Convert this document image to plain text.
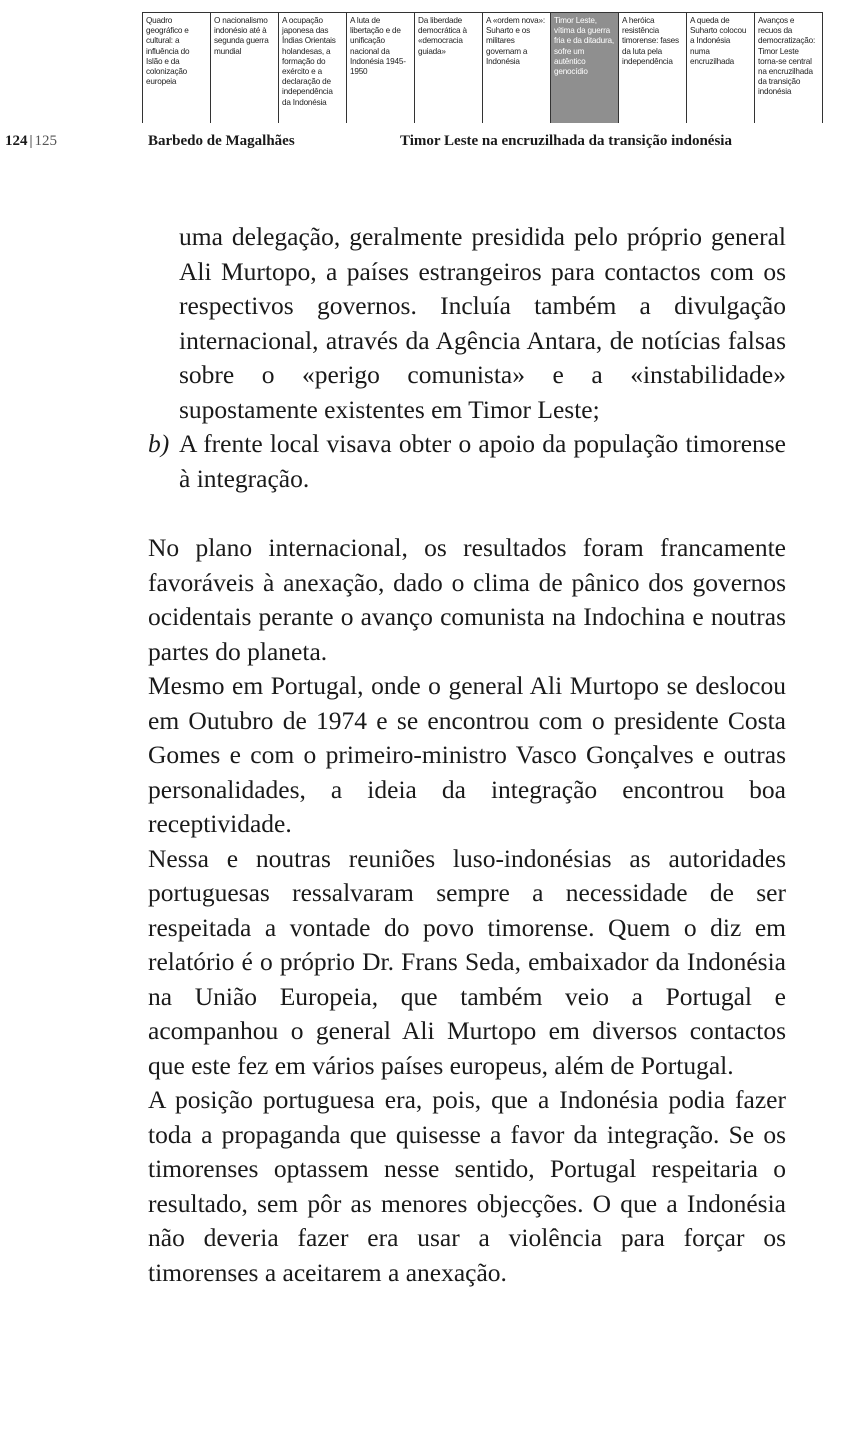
Quadro geográfico e cultural: a influência do Islão e da colonização europeia
O nacionalismo indonésio até à segunda guerra mundial
A ocupação japonesa das Índias Orientais holandesas, a formação do exército e a declaração de independência da Indonésia
A luta de libertação e de unificação nacional da Indonésia 1945-1950
Da liberdade democrática à «democracia guiada»
A «ordem nova»: Suharto e os militares governam a Indonésia
Timor Leste, vítima da guerra fria e da ditadura, sofre um autêntico genocídio
A heróica resistência timorense: fases da luta pela independência
A queda de Suharto colocou a Indonésia numa encruzilhada
Avanços e recuos da democratização: Timor Leste torna-se central na encruzilhada da transição indonésia
124 | 125	Barbedo de Magalhães	Timor Leste na encruzilhada da transição indonésia

uma delegação, geralmente presidida pelo próprio general Ali Murtopo, a países estrangeiros para contactos com os respectivos governos. Incluía também a divulgação internacional, através da Agência Antara, de notícias falsas sobre o «perigo comunista» e a «instabilidade» supostamente existentes em Timor Leste;

b) A frente local visava obter o apoio da população timorense à integração.

No plano internacional, os resultados foram francamente favoráveis à anexação, dado o clima de pânico dos governos ocidentais perante o avanço comunista na Indochina e noutras partes do planeta.

Mesmo em Portugal, onde o general Ali Murtopo se deslocou em Outubro de 1974 e se encontrou com o presidente Costa Gomes e com o primeiro-ministro Vasco Gonçalves e outras personalidades, a ideia da integração encontrou boa receptividade.

Nessa e noutras reuniões luso-indonésias as autoridades portuguesas ressalvaram sempre a necessidade de ser respeitada a vontade do povo timorense. Quem o diz em relatório é o próprio Dr. Frans Seda, embaixador da Indonésia na União Europeia, que também veio a Portugal e acompanhou o general Ali Murtopo em diversos contactos que este fez em vários países europeus, além de Portugal.

A posição portuguesa era, pois, que a Indonésia podia fazer toda a propaganda que quisesse a favor da integração. Se os timorenses optassem nesse sentido, Portugal respeitaria o resultado, sem pôr as menores objecções. O que a Indonésia não deveria fazer era usar a violência para forçar os timorenses a aceitarem a anexação.
